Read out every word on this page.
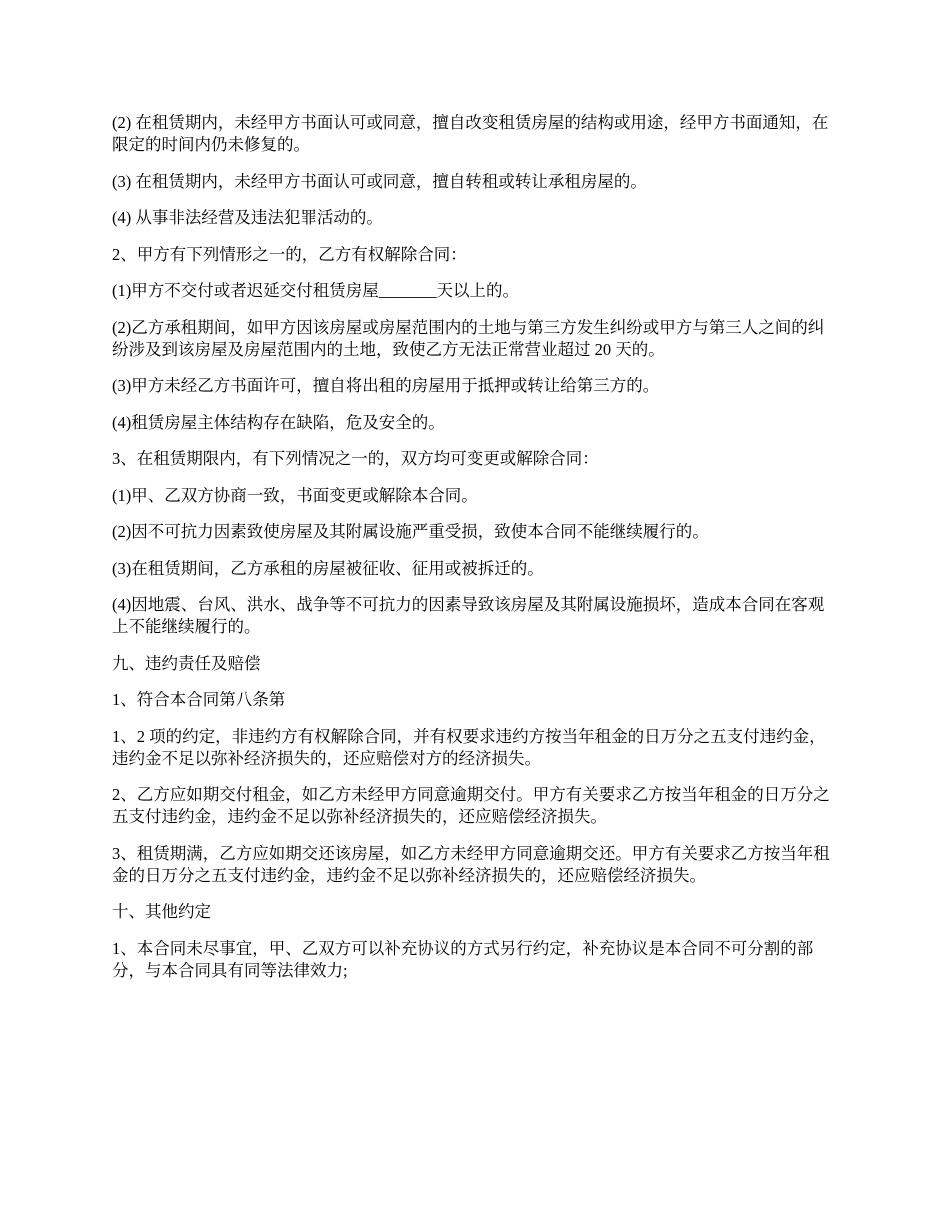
(2) 在租赁期内，未经甲方书面认可或同意，擅自改变租赁房屋的结构或用途，经甲方书面通知，在限定的时间内仍未修复的。

(3) 在租赁期内，未经甲方书面认可或同意，擅自转租或转让承租房屋的。

(4) 从事非法经营及违法犯罪活动的。

2、甲方有下列情形之一的，乙方有权解除合同：

(1)甲方不交付或者迟延交付租赁房屋_______天以上的。

(2)乙方承租期间，如甲方因该房屋或房屋范围内的土地与第三方发生纠纷或甲方与第三人之间的纠纷涉及到该房屋及房屋范围内的土地，致使乙方无法正常营业超过 20 天的。

(3)甲方未经乙方书面许可，擅自将出租的房屋用于抵押或转让给第三方的。

(4)租赁房屋主体结构存在缺陷，危及安全的。

3、在租赁期限内，有下列情况之一的，双方均可变更或解除合同：

(1)甲、乙双方协商一致，书面变更或解除本合同。

(2)因不可抗力因素致使房屋及其附属设施严重受损，致使本合同不能继续履行的。

(3)在租赁期间，乙方承租的房屋被征收、征用或被拆迁的。

(4)因地震、台风、洪水、战争等不可抗力的因素导致该房屋及其附属设施损坏，造成本合同在客观上不能继续履行的。

九、违约责任及赔偿

1、符合本合同第八条第

1、2 项的约定，非违约方有权解除合同，并有权要求违约方按当年租金的日万分之五支付违约金，违约金不足以弥补经济损失的，还应赔偿对方的经济损失。

2、乙方应如期交付租金，如乙方未经甲方同意逾期交付。甲方有关要求乙方按当年租金的日万分之五支付违约金，违约金不足以弥补经济损失的，还应赔偿经济损失。

3、租赁期满，乙方应如期交还该房屋，如乙方未经甲方同意逾期交还。甲方有关要求乙方按当年租金的日万分之五支付违约金，违约金不足以弥补经济损失的，还应赔偿经济损失。

十、其他约定

1、本合同未尽事宜，甲、乙双方可以补充协议的方式另行约定，补充协议是本合同不可分割的部分，与本合同具有同等法律效力;
